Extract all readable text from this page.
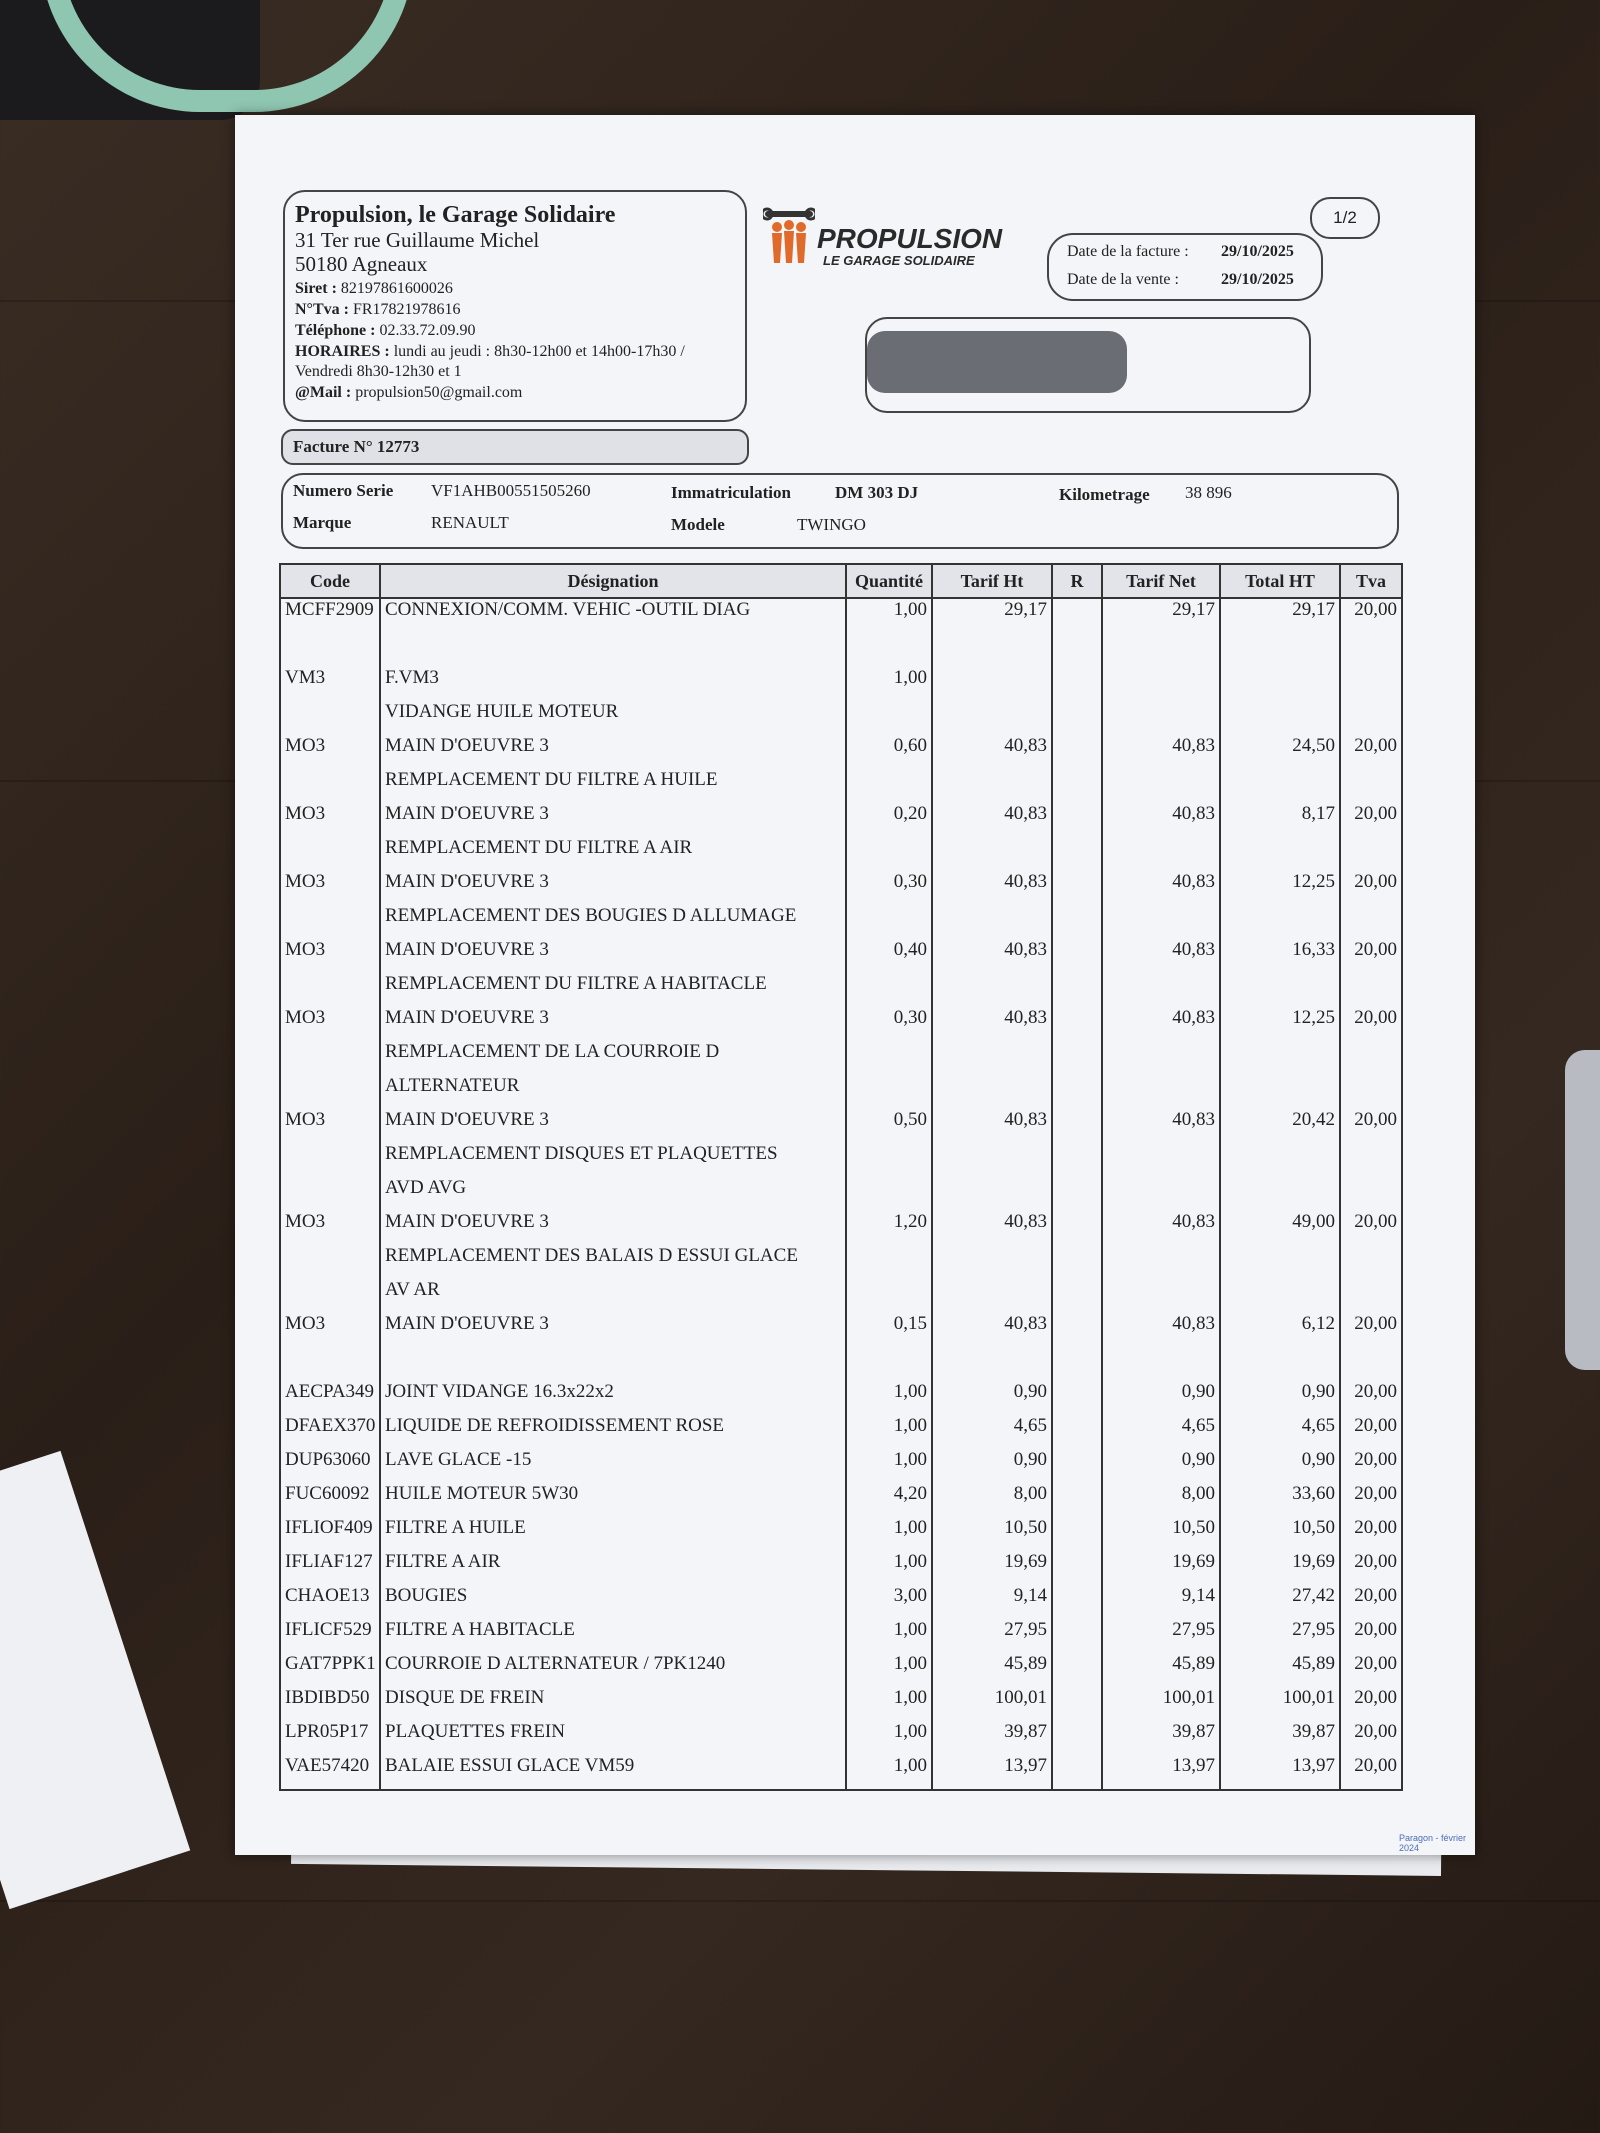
Propulsion, le Garage Solidaire
31 Ter rue Guillaume Michel
50180 Agneaux
Siret : 82197861600026
N°Tva : FR17821978616
Téléphone : 02.33.72.09.90
HORAIRES : lundi au jeudi : 8h30-12h00 et 14h00-17h30 /
Vendredi 8h30-12h30 et 1
@Mail : propulsion50@gmail.com
PROPULSION
LE GARAGE SOLIDAIRE
1/2
Date de la facture : 29/10/2025
Date de la vente :	29/10/2025
Facture N° 12773
Numero Serie VF1AHB00551505260	Immatriculation	DM 303 DJ	Kilometrage 38 896
Marque	RENAULT	Modele	TWINGO
Code	Désignation	Quantité	Tarif Ht	R	Tarif Net	Total HT	Tva
MCFF2909	CONNEXION/COMM. VEHIC -OUTIL DIAG	1,00	29,17		29,17	29,17	20,00

VM3	F.VM3	1,00					
	VIDANGE HUILE MOTEUR						
MO3	MAIN D'OEUVRE 3	0,60	40,83		40,83	24,50	20,00
	REMPLACEMENT DU FILTRE A HUILE						
MO3	MAIN D'OEUVRE 3	0,20	40,83		40,83	8,17	20,00
	REMPLACEMENT DU FILTRE A AIR						
MO3	MAIN D'OEUVRE 3	0,30	40,83		40,83	12,25	20,00
	REMPLACEMENT DES BOUGIES D ALLUMAGE						
MO3	MAIN D'OEUVRE 3	0,40	40,83		40,83	16,33	20,00
	REMPLACEMENT DU FILTRE A HABITACLE						
MO3	MAIN D'OEUVRE 3	0,30	40,83		40,83	12,25	20,00
	REMPLACEMENT DE LA COURROIE D						
	ALTERNATEUR						
MO3	MAIN D'OEUVRE 3	0,50	40,83		40,83	20,42	20,00
	REMPLACEMENT DISQUES ET PLAQUETTES						
	AVD AVG						
MO3	MAIN D'OEUVRE 3	1,20	40,83		40,83	49,00	20,00
	REMPLACEMENT DES BALAIS D ESSUI GLACE						
	AV AR						
MO3	MAIN D'OEUVRE 3	0,15	40,83		40,83	6,12	20,00

AECPA349	JOINT VIDANGE 16.3x22x2	1,00	0,90		0,90	0,90	20,00
DFAEX370	LIQUIDE DE REFROIDISSEMENT ROSE	1,00	4,65		4,65	4,65	20,00
DUP63060	LAVE GLACE -15	1,00	0,90		0,90	0,90	20,00
FUC60092	HUILE MOTEUR 5W30	4,20	8,00		8,00	33,60	20,00
IFLIOF409	FILTRE A HUILE	1,00	10,50		10,50	10,50	20,00
IFLIAF127	FILTRE A AIR	1,00	19,69		19,69	19,69	20,00
CHAOE13	BOUGIES	3,00	9,14		9,14	27,42	20,00
IFLICF529	FILTRE A HABITACLE	1,00	27,95		27,95	27,95	20,00
GAT7PPK1	COURROIE D ALTERNATEUR / 7PK1240	1,00	45,89		45,89	45,89	20,00
IBDIBD50	DISQUE DE FREIN	1,00	100,01		100,01	100,01	20,00
LPR05P17	PLAQUETTES FREIN	1,00	39,87		39,87	39,87	20,00
VAE57420	BALAIE ESSUI GLACE VM59	1,00	13,97		13,97	13,97	20,00
Paragon - février 2024
